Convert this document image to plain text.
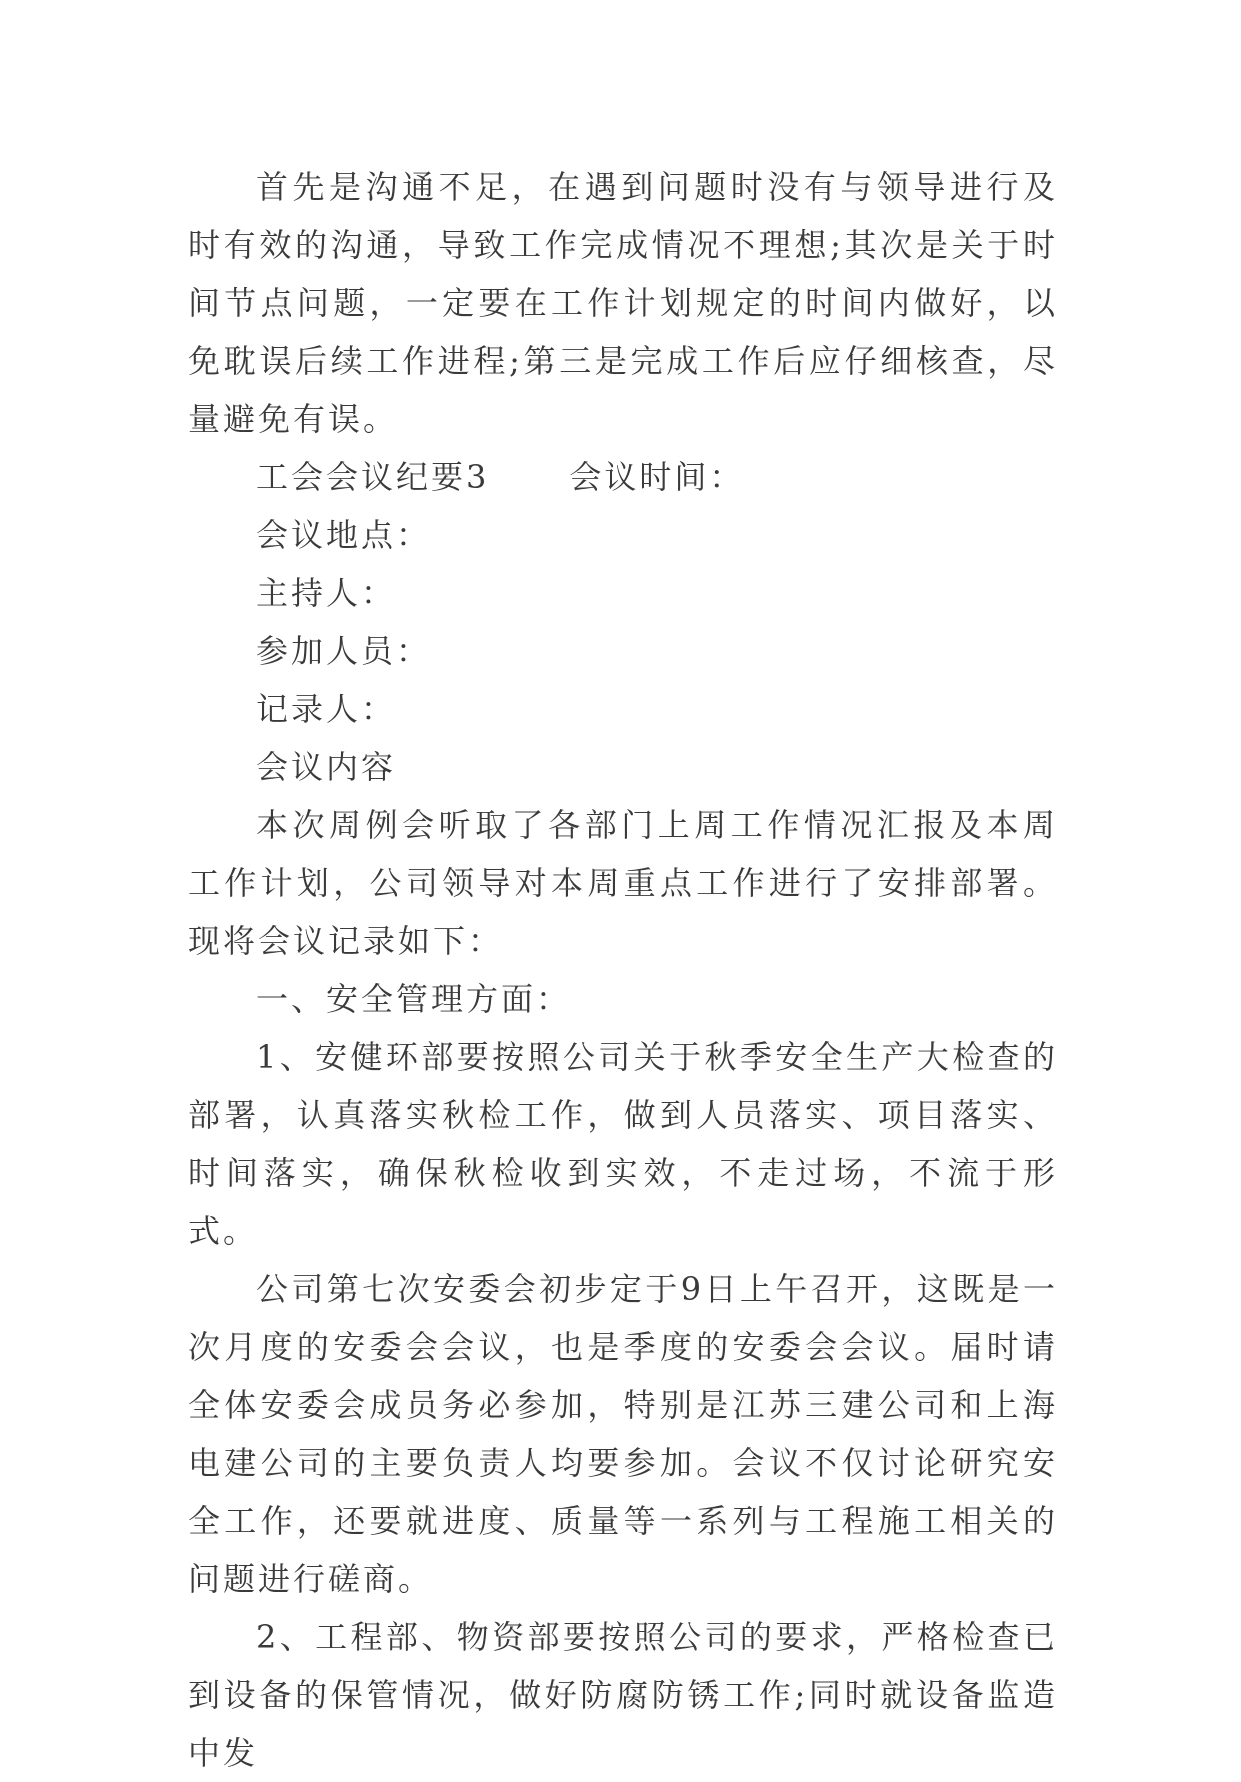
首先是沟通不足，在遇到问题时没有与领导进行及时有效的沟通，导致工作完成情况不理想;其次是关于时间节点问题，一定要在工作计划规定的时间内做好，以免耽误后续工作进程;第三是完成工作后应仔细核查，尽量避免有误。

工会会议纪要3	会议时间：

会议地点：

主持人：

参加人员：

记录人：

会议内容

本次周例会听取了各部门上周工作情况汇报及本周工作计划，公司领导对本周重点工作进行了安排部署。现将会议记录如下：

一、安全管理方面：

1、安健环部要按照公司关于秋季安全生产大检查的部署，认真落实秋检工作，做到人员落实、项目落实、时间落实，确保秋检收到实效，不走过场，不流于形式。

公司第七次安委会初步定于9日上午召开，这既是一次月度的安委会会议，也是季度的安委会会议。届时请全体安委会成员务必参加，特别是江苏三建公司和上海电建公司的主要负责人均要参加。会议不仅讨论研究安全工作，还要就进度、质量等一系列与工程施工相关的问题进行磋商。

2、工程部、物资部要按照公司的要求，严格检查已到设备的保管情况，做好防腐防锈工作;同时就设备监造中发
